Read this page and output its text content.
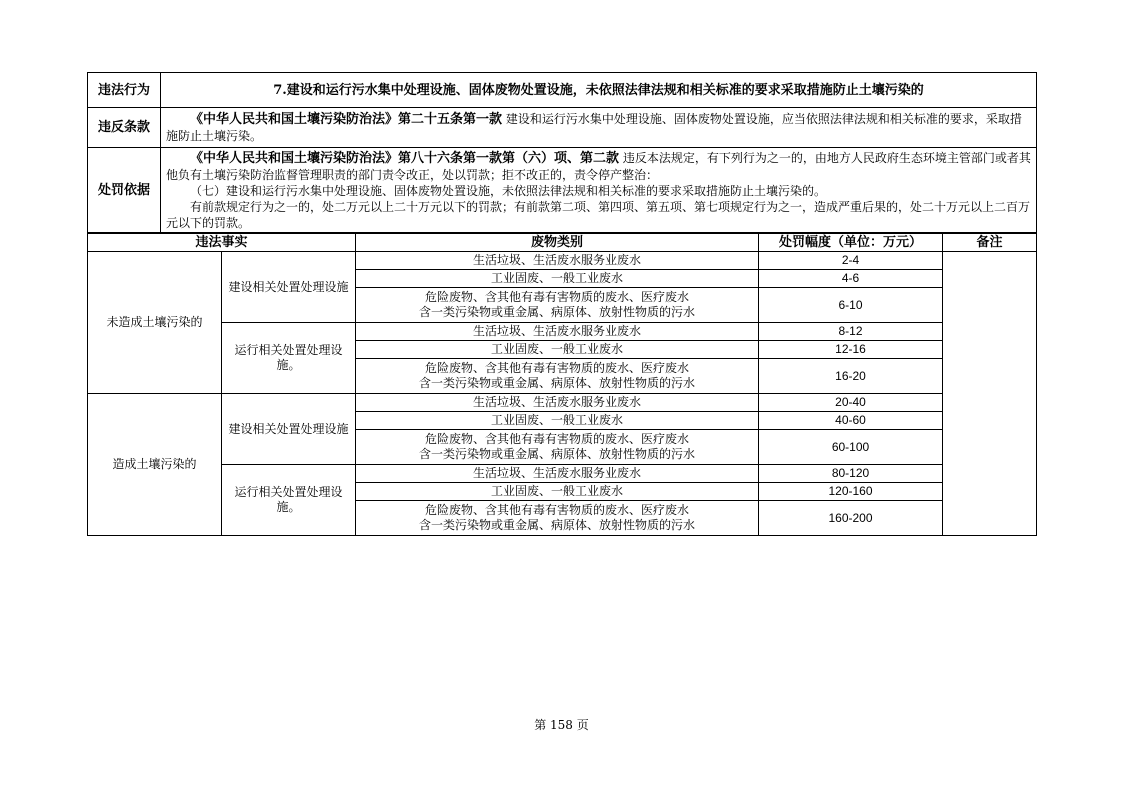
违法行为	7.建设和运行污水集中处理设施、固体废物处置设施，未依照法律法规和相关标准的要求采取措施防止土壤污染的
违反条款	《中华人民共和国土壤污染防治法》第二十五条第一款 建设和运行污水集中处理设施、固体废物处置设施，应当依照法律法规和相关标准的要求，采取措施防止土壤污染。

处罚依据	《中华人民共和国土壤污染防治法》第八十六条第一款第（六）项、第二款 违反本法规定，有下列行为之一的，由地方人民政府生态环境主管部门或者其他负有土壤污染防治监督管理职责的部门责令改正，处以罚款；拒不改正的，责令停产整治：

（七）建设和运行污水集中处理设施、固体废物处置设施，未依照法律法规和相关标准的要求采取措施防止土壤污染的。

有前款规定行为之一的，处二万元以上二十万元以下的罚款；有前款第二项、第四项、第五项、第七项规定行为之一，造成严重后果的，处二十万元以上二百万元以下的罚款。

违法事实		废物类别	处罚幅度（单位：万元）	备注
未造成土壤污染的	建设相关处置处理设施	生活垃圾、生活废水服务业废水	2-4	
		工业固废、一般工业废水	4-6	

		危险废物、含其他有毒有害物质的废水、医疗废水
含一类污染物或重金属、病原体、放射性物质的污水	6-10	
	运行相关处置处理设施。	生活垃圾、生活废水服务业废水	8-12	
		工业固废、一般工业废水	12-16	

		危险废物、含其他有毒有害物质的废水、医疗废水
含一类污染物或重金属、病原体、放射性物质的污水	16-20	
造成土壤污染的	建设相关处置处理设施	生活垃圾、生活废水服务业废水	20-40	
		工业固废、一般工业废水	40-60	

		危险废物、含其他有毒有害物质的废水、医疗废水
含一类污染物或重金属、病原体、放射性物质的污水	60-100	
	运行相关处置处理设施。	生活垃圾、生活废水服务业废水	80-120	
		工业固废、一般工业废水	120-160	

		危险废物、含其他有毒有害物质的废水、医疗废水
含一类污染物或重金属、病原体、放射性物质的污水	160-200	
第 158 页
